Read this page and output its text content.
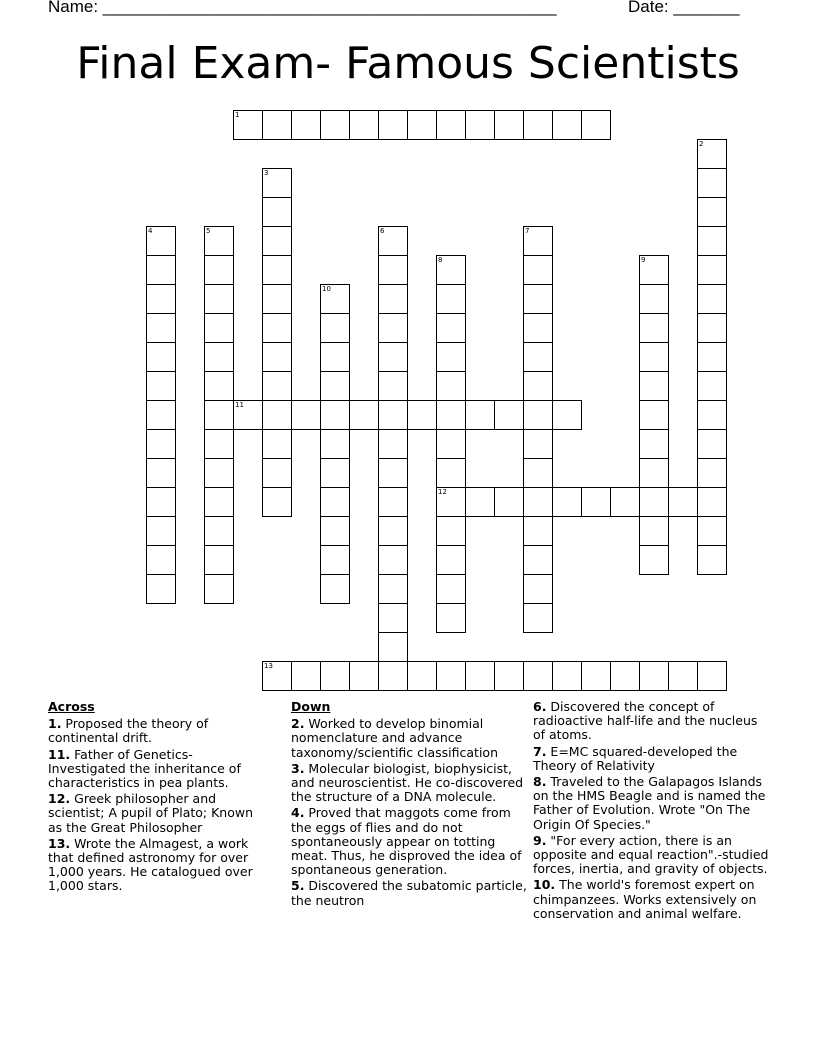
Name: ________________________________________________	Date: _______
Final Exam- Famous Scientists
1
2
3
4	5	6	7
8
12
9
10
11
13
Across
1. Proposed the theory of continental drift.
11. Father of Genetics-Investigated the inheritance of characteristics in pea plants.
12. Greek philosopher and scientist; A pupil of Plato; Known as the Great Philosopher
13. Wrote the Almagest, a work that defined astronomy for over 1,000 years. He catalogued over 1,000 stars.
Down
2. Worked to develop binomial nomenclature and advance taxonomy/scientific classification
3. Molecular biologist, biophysicist, and neuroscientist. He co-discovered the structure of a DNA molecule.
4. Proved that maggots come from the eggs of flies and do not spontaneously appear on totting meat. Thus, he disproved the idea of spontaneous generation.
5. Discovered the subatomic particle, the neutron
6. Discovered the concept of radioactive half-life and the nucleus of atoms.
7. E=MC squared-developed the Theory of Relativity
8. Traveled to the Galapagos Islands on the HMS Beagle and is named the Father of Evolution. Wrote "On The Origin Of Species."
9. "For every action, there is an opposite and equal reaction".-studied forces, inertia, and gravity of objects.
10. The world's foremost expert on chimpanzees. Works extensively on conservation and animal welfare.
